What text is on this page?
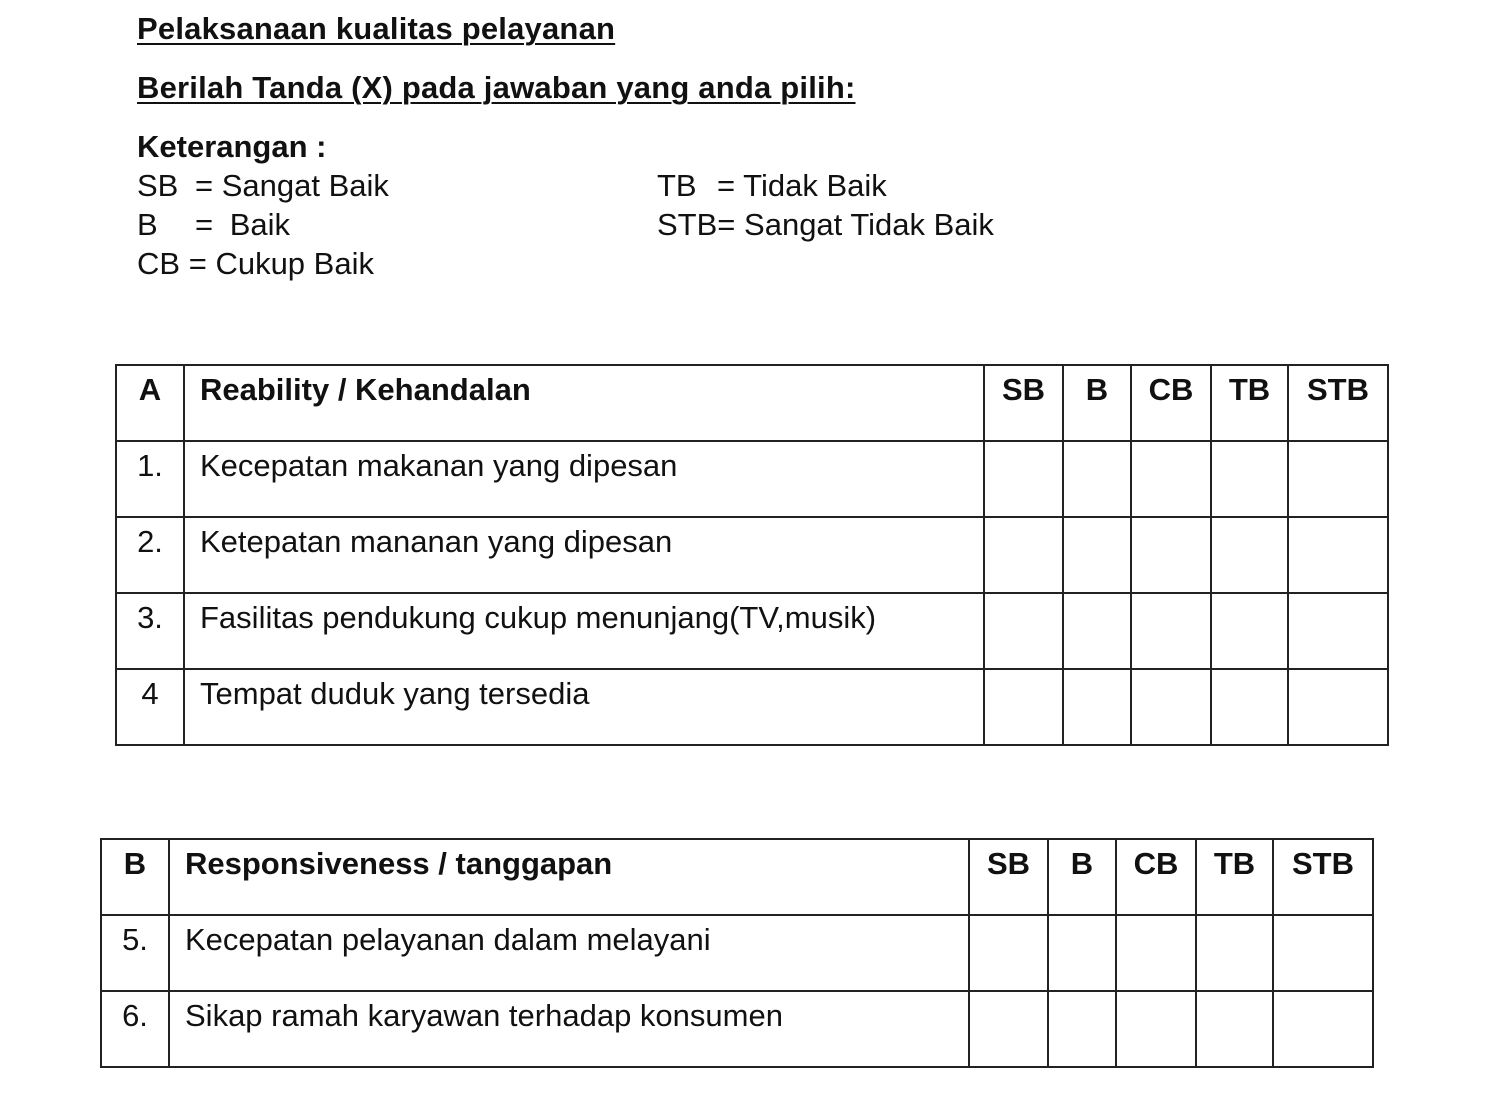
Pelaksanaan kualitas pelayanan
Berilah Tanda (X) pada jawaban yang anda pilih:
Keterangan :
SB = Sangat Baik
B = Baik
CB = Cukup Baik
TB = Tidak Baik
STB= Sangat Tidak Baik
A	Reability / Kehandalan	SB	B	CB	TB	STB
1.	Kecepatan makanan yang dipesan					
2.	Ketepatan mananan yang dipesan					
3.	Fasilitas pendukung cukup menunjang(TV,musik)					
4	Tempat duduk yang tersedia					
B	Responsiveness / tanggapan	SB	B	CB	TB	STB
5.	Kecepatan pelayanan dalam melayani					
6.	Sikap ramah karyawan terhadap konsumen					
